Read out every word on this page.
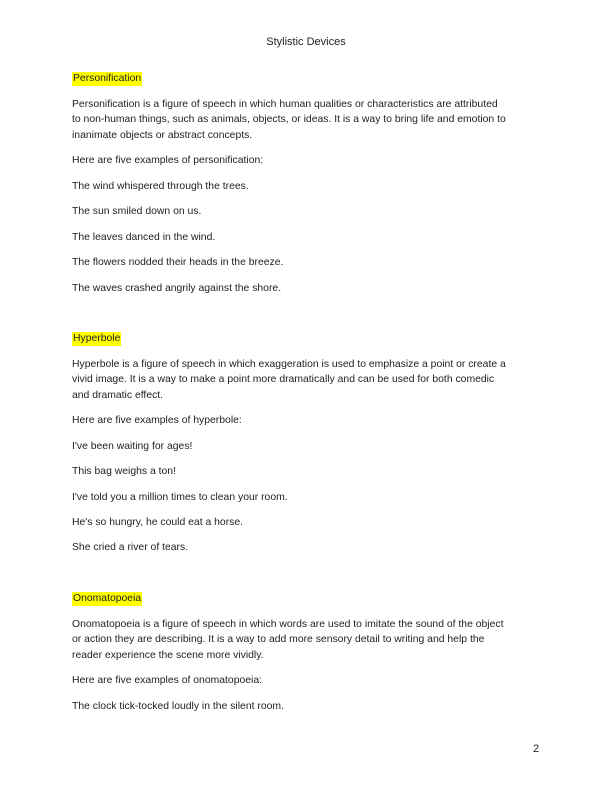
Stylistic Devices
Personification
Personification is a figure of speech in which human qualities or characteristics are attributed
to non-human things, such as animals, objects, or ideas. It is a way to bring life and emotion to
inanimate objects or abstract concepts.
Here are five examples of personification:
The wind whispered through the trees.
The sun smiled down on us.
The leaves danced in the wind.
The flowers nodded their heads in the breeze.
The waves crashed angrily against the shore.
Hyperbole
Hyperbole is a figure of speech in which exaggeration is used to emphasize a point or create a
vivid image. It is a way to make a point more dramatically and can be used for both comedic
and dramatic effect.
Here are five examples of hyperbole:
I've been waiting for ages!
This bag weighs a ton!
I've told you a million times to clean your room.
He's so hungry, he could eat a horse.
She cried a river of tears.
Onomatopoeia
Onomatopoeia is a figure of speech in which words are used to imitate the sound of the object
or action they are describing. It is a way to add more sensory detail to writing and help the
reader experience the scene more vividly.
Here are five examples of onomatopoeia:
The clock tick-tocked loudly in the silent room.
2
